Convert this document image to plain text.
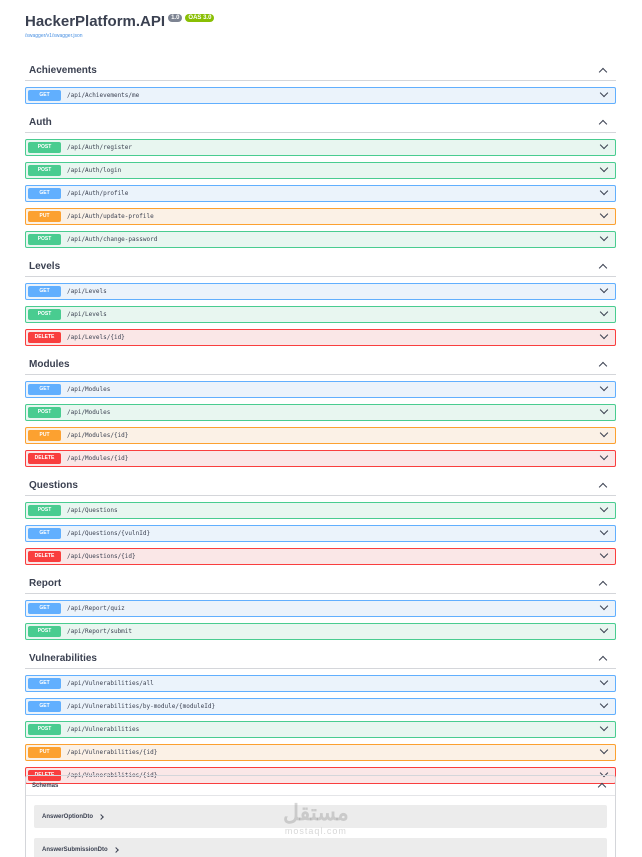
HackerPlatform.API	1.0	OAS 3.0
/swagger/v1/swagger.json
Achievements
GET	/api/Achievements/me
Auth
POST	/api/Auth/register
POST	/api/Auth/login
GET	/api/Auth/profile
PUT	/api/Auth/update-profile
POST	/api/Auth/change-password
Levels
GET	/api/Levels
POST	/api/Levels
DELETE	/api/Levels/{id}
Modules
GET	/api/Modules
POST	/api/Modules
PUT	/api/Modules/{id}
DELETE	/api/Modules/{id}
Questions
POST	/api/Questions
GET	/api/Questions/{vulnId}
DELETE	/api/Questions/{id}
Report
GET	/api/Report/quiz
POST	/api/Report/submit
Vulnerabilities
GET	/api/Vulnerabilities/all
GET	/api/Vulnerabilities/by-module/{moduleId}
POST	/api/Vulnerabilities
PUT	/api/Vulnerabilities/{id}
DELETE	/api/Vulnerabilities/{id}
Schemas
AnswerOptionDto
AnswerSubmissionDto
مستقل
mostaql.com
